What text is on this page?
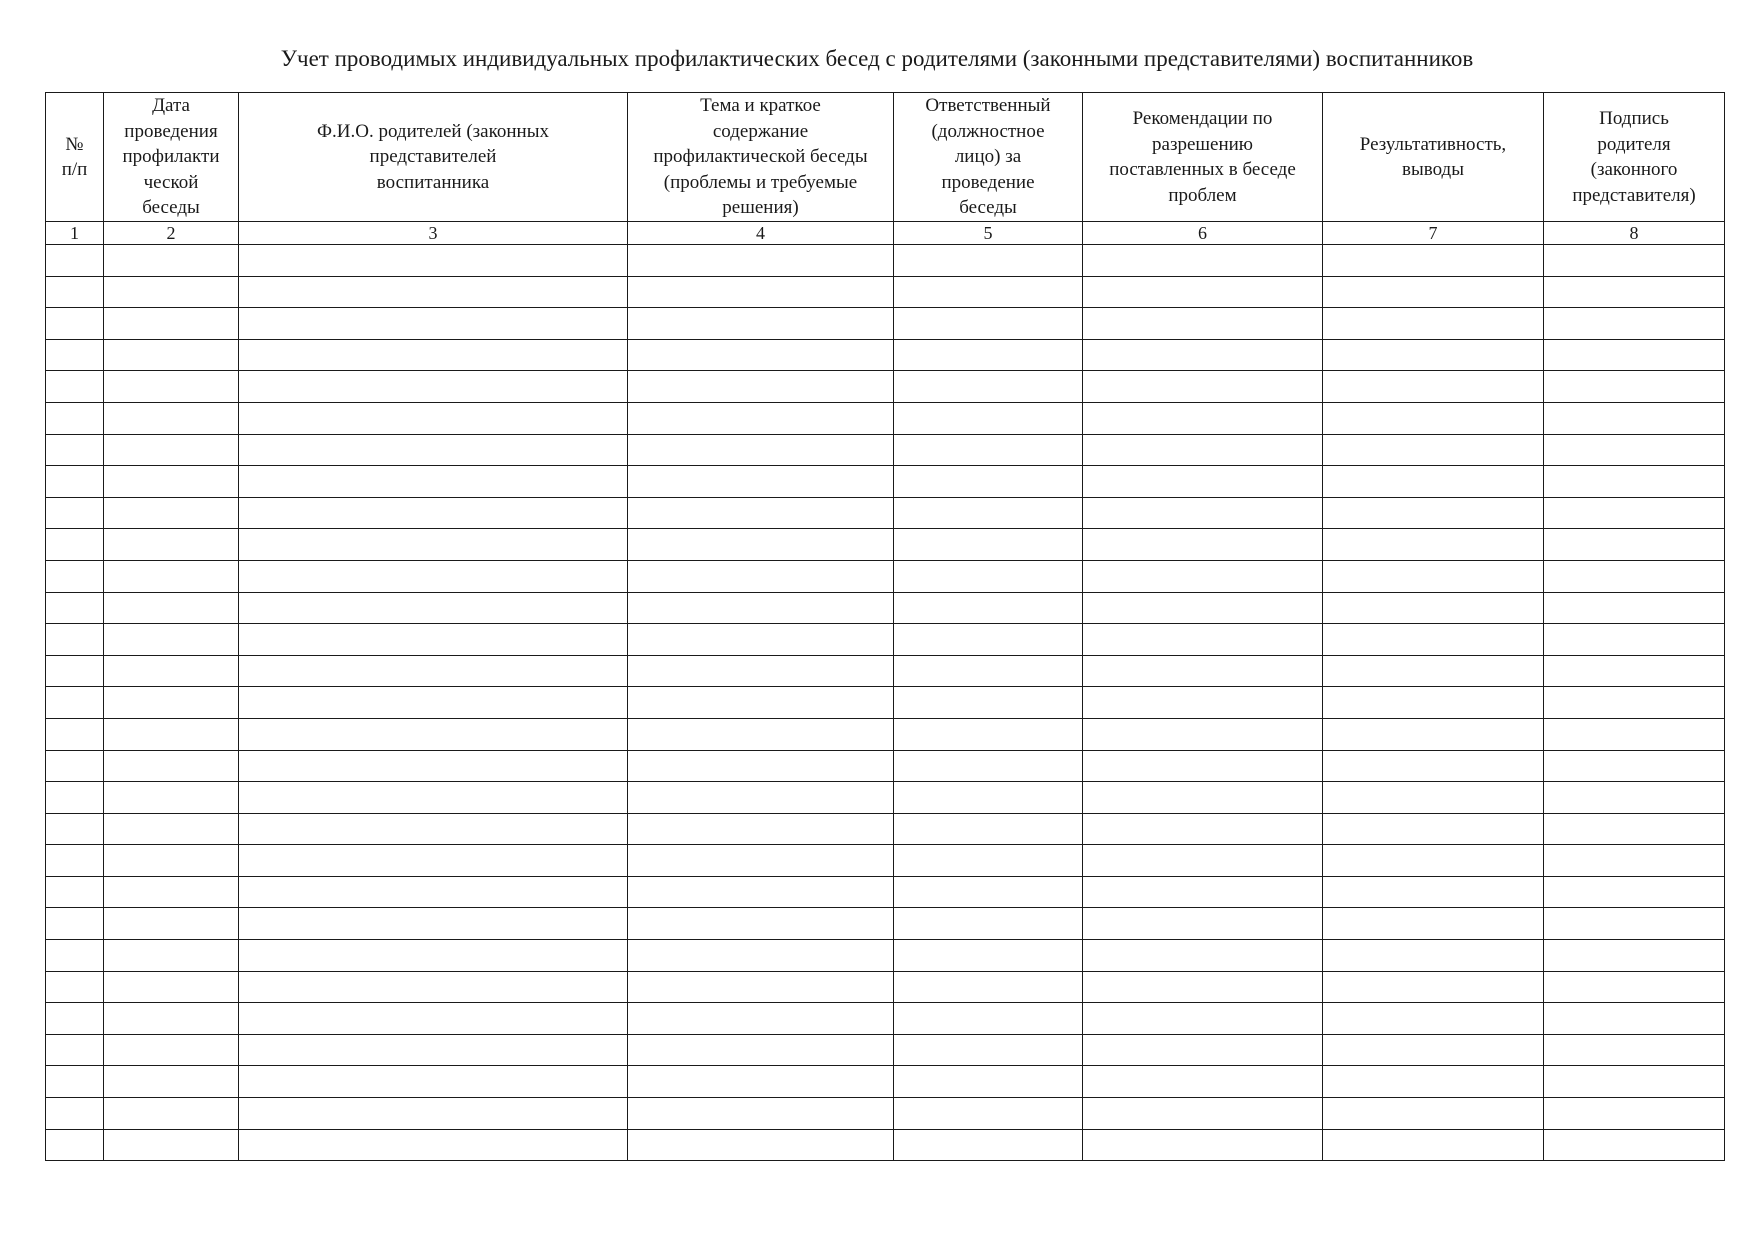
Учет проводимых индивидуальных профилактических бесед с родителями (законными представителями) воспитанников
№
п/п	Дата
проведения
профилакти
ческой
беседы	Ф.И.О. родителей (законных
представителей
воспитанника	Тема и краткое
содержание
профилактической беседы
(проблемы и требуемые
решения)	Ответственный
(должностное
лицо) за
проведение
беседы	Рекомендации по
разрешению
поставленных в беседе
проблем	Результативность,
выводы	Подпись
родителя
(законного
представителя)
1	2	3	4	5	6	7	8
